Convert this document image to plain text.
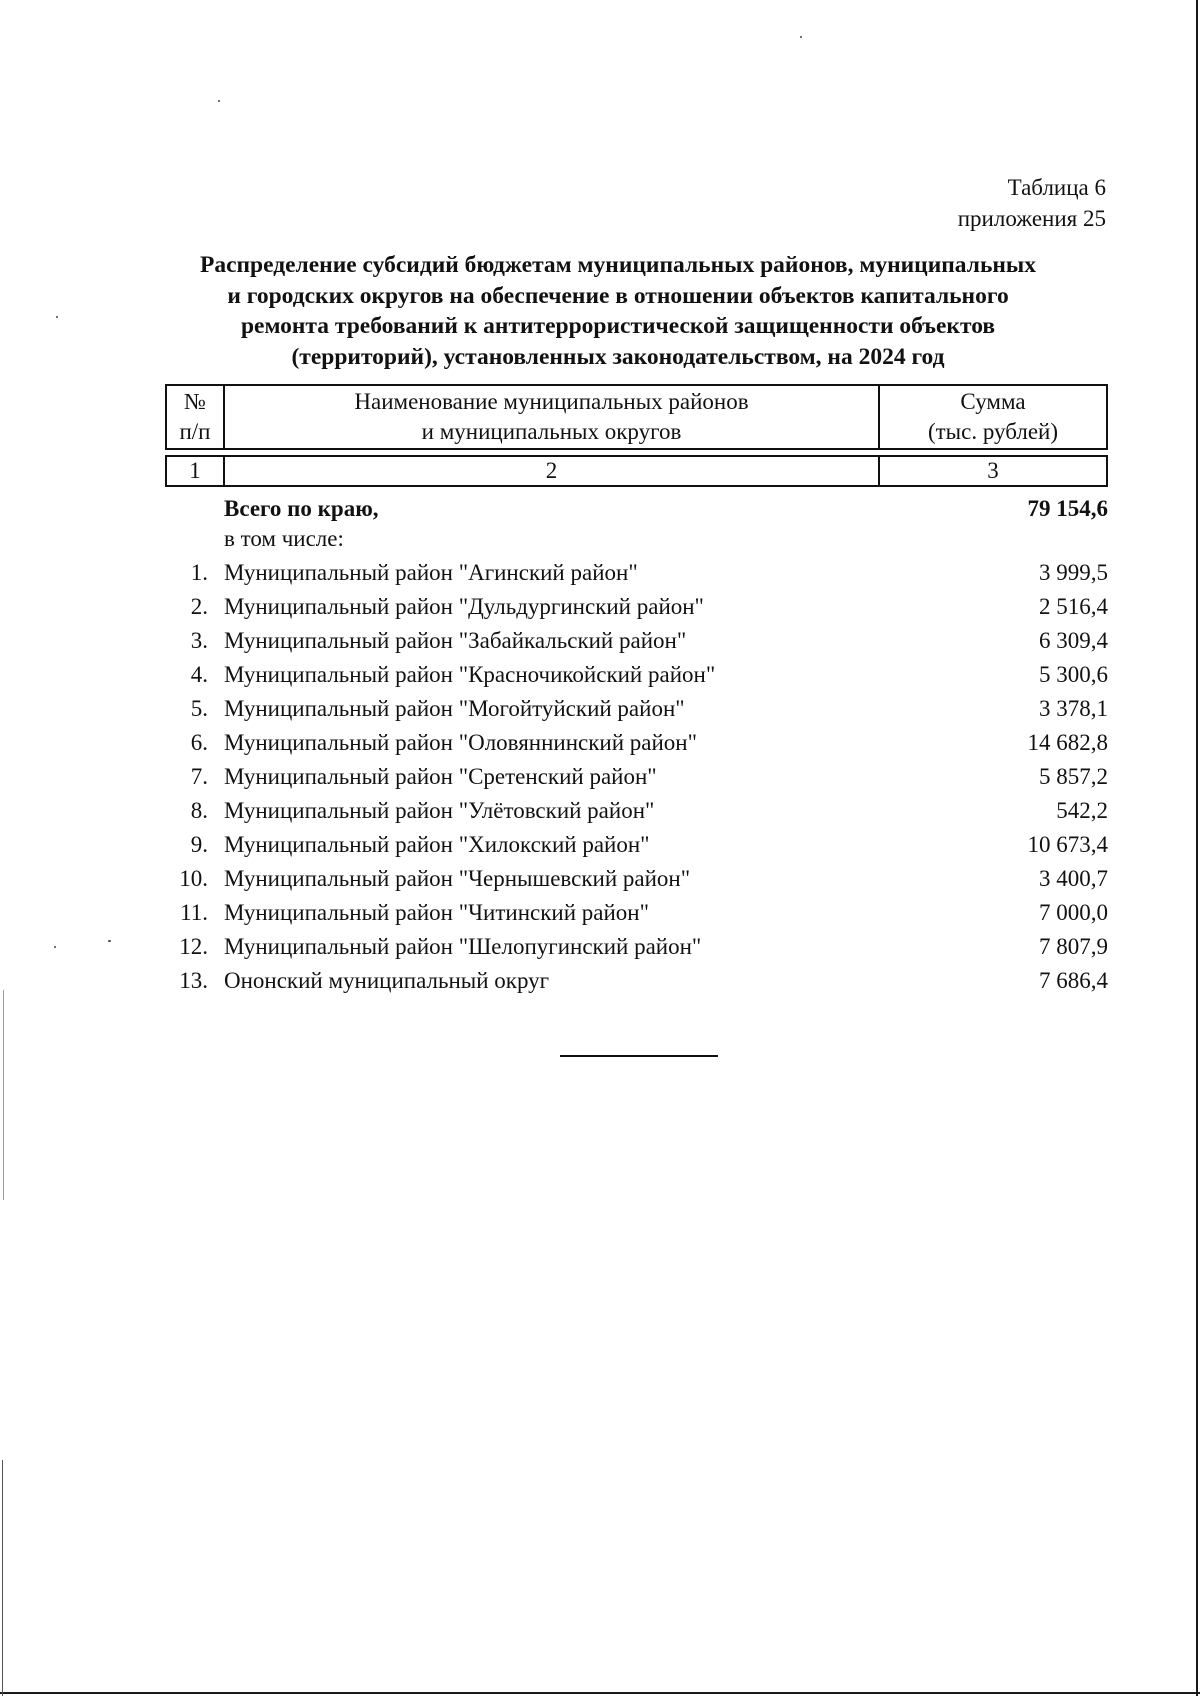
Таблица 6
приложения 25
Распределение субсидий бюджетам муниципальных районов, муниципальных
и городских округов на обеспечение в отношении объектов капитального
ремонта требований к антитеррористической защищенности объектов
(территорий), установленных законодательством, на 2024 год
№
п/п

Наименование муниципальных районов
и муниципальных округов

Сумма
(тыс. рублей)
1	2	3
Всего по краю,	79 154,6
в том числе:
1. Муниципальный район "Агинский район"	3 999,5
2. Муниципальный район "Дульдургинский район"	2 516,4
3. Муниципальный район "Забайкальский район"	6 309,4
4. Муниципальный район "Красночикойский район"	5 300,6
5. Муниципальный район "Могойтуйский район"	3 378,1
6. Муниципальный район "Оловяннинский район"	14 682,8
7. Муниципальный район "Сретенский район"	5 857,2
8. Муниципальный район "Улётовский район"	542,2
9. Муниципальный район "Хилокский район"	10 673,4
10. Муниципальный район "Чернышевский район"	3 400,7
11. Муниципальный район "Читинский район"	7 000,0
12. Муниципальный район "Шелопугинский район"	7 807,9
13. Ононский муниципальный округ	7 686,4
